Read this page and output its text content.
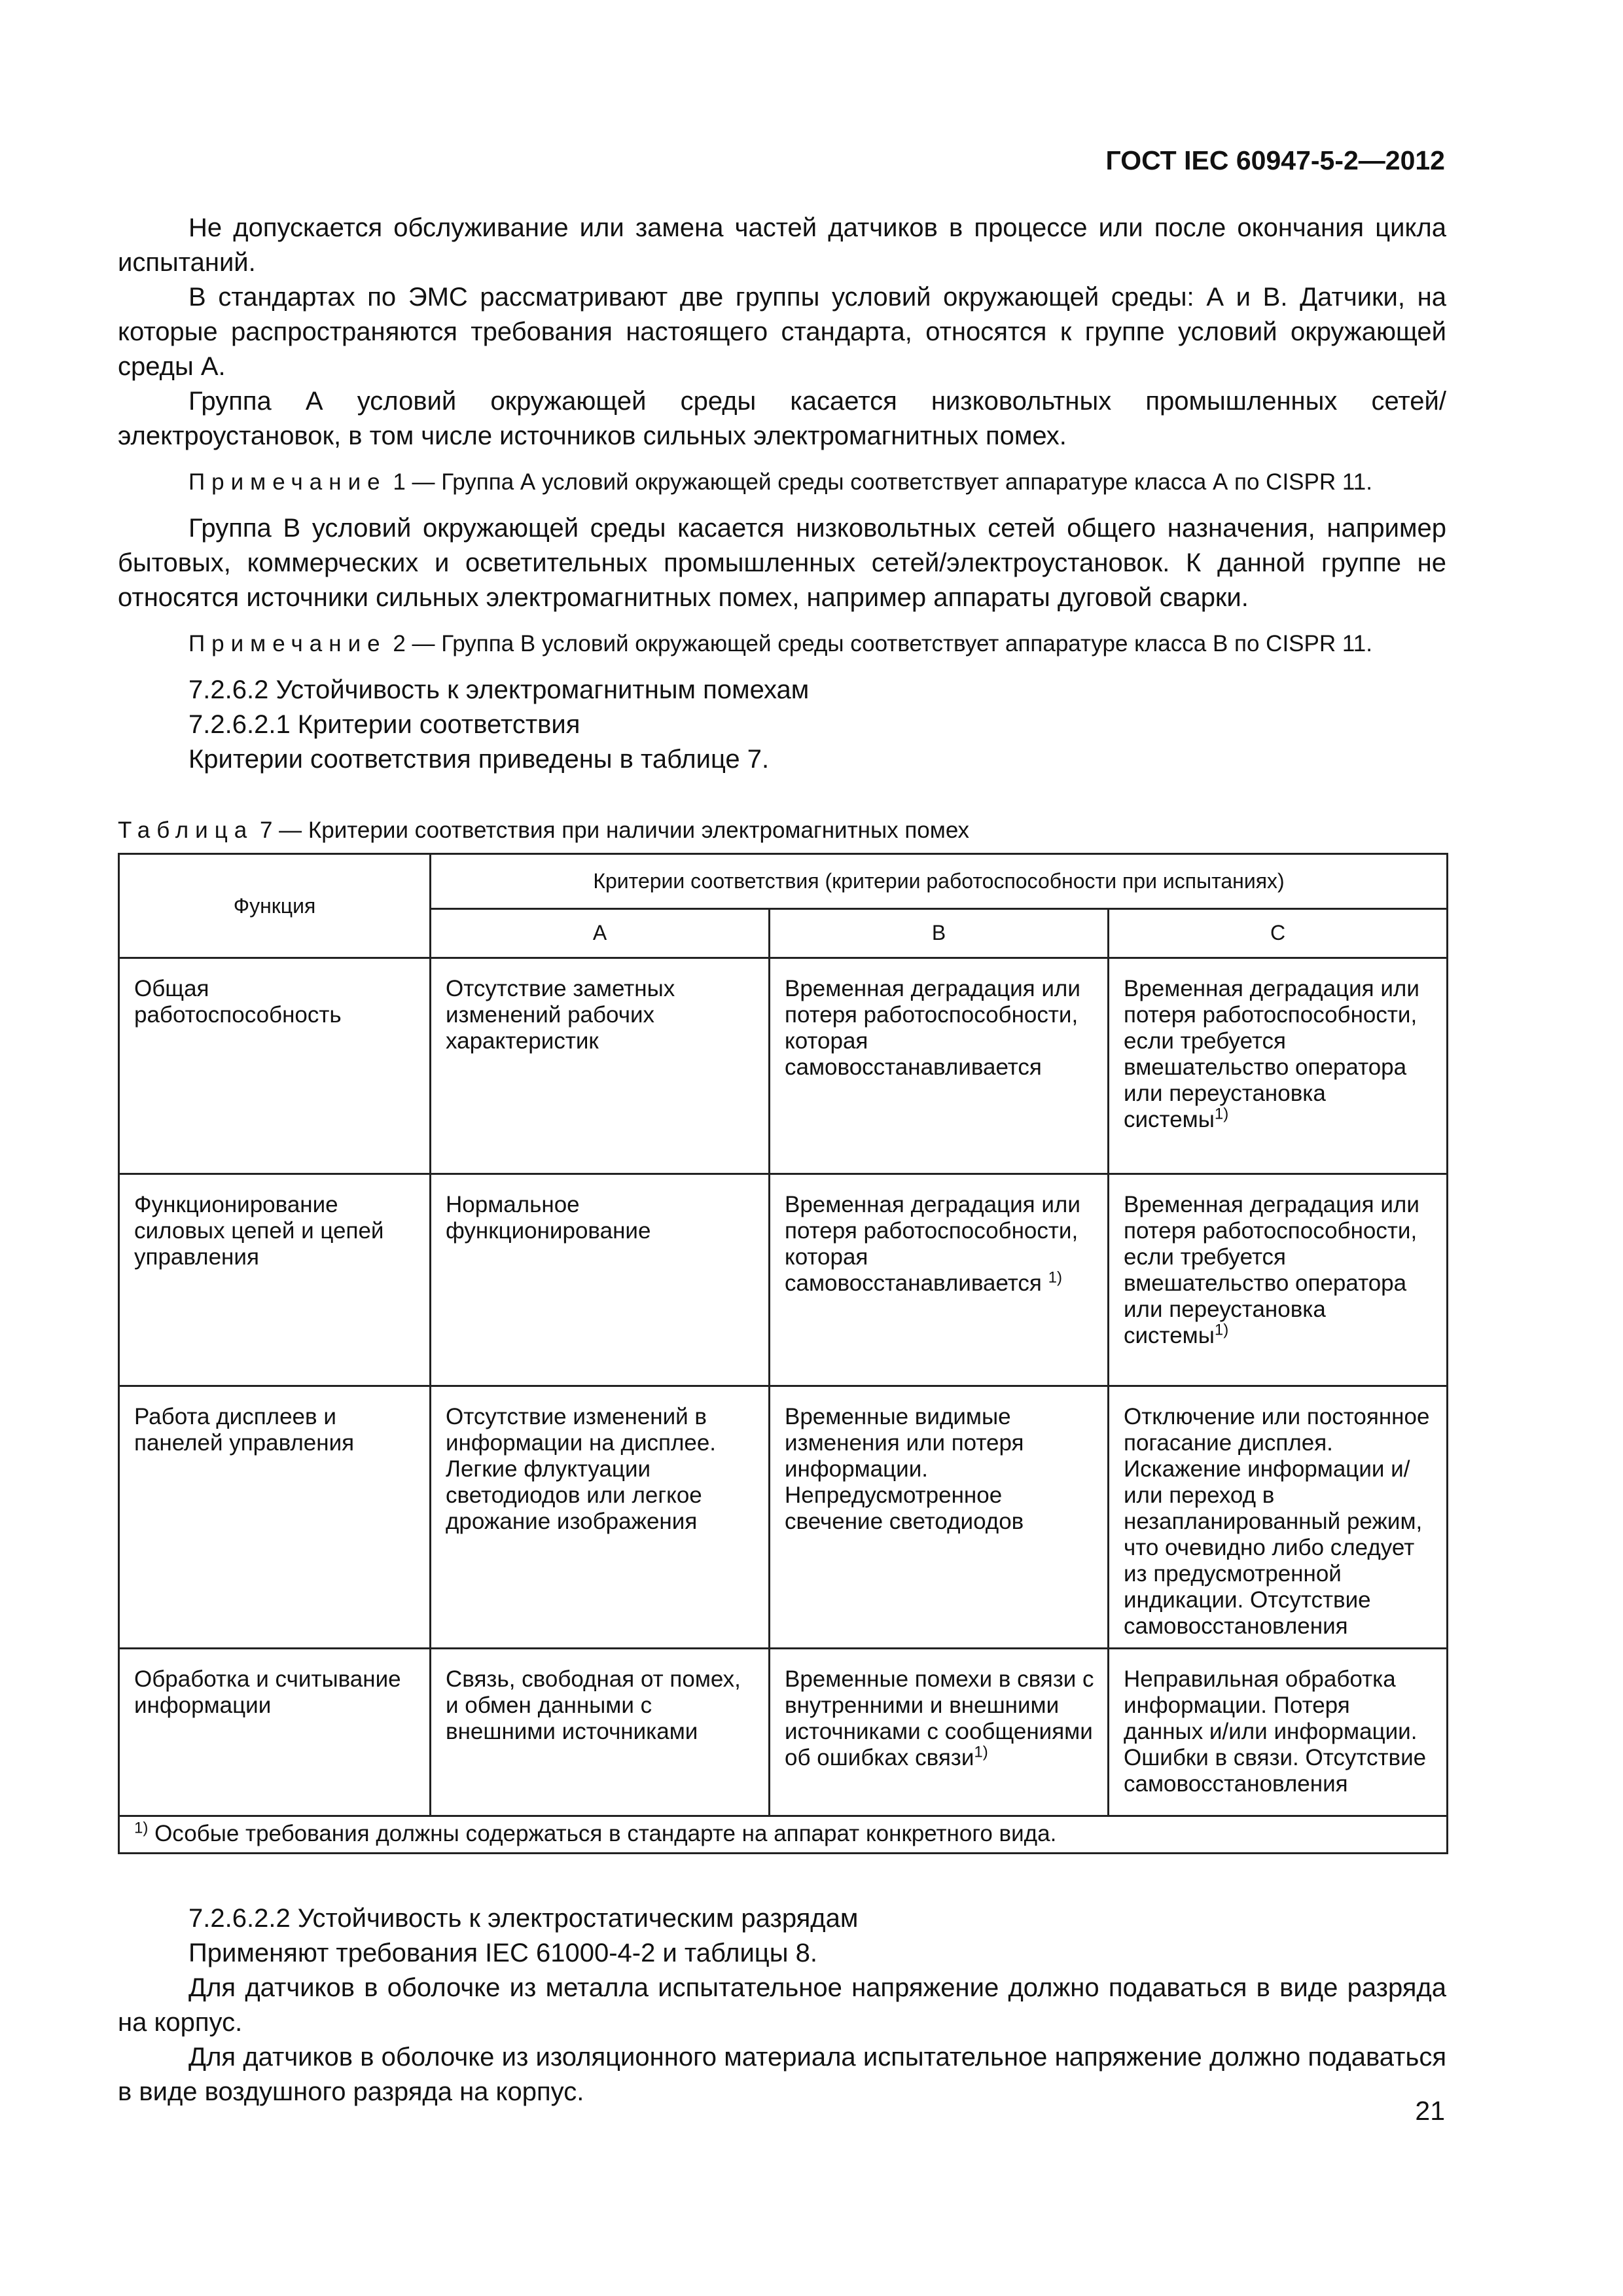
ГОСТ IEC 60947-5-2—2012

Не допускается обслуживание или замена частей датчиков в процессе или после окончания цикла испытаний.

В стандартах по ЭМС рассматривают две группы условий окружающей среды: А и В. Датчики, на которые распространяются требования настоящего стандарта, относятся к группе условий окружающей среды А.

Группа А условий окружающей среды касается низковольтных промышленных сетей/электроустановок, в том числе источников сильных электромагнитных помех.

Примечание 1 — Группа А условий окружающей среды соответствует аппаратуре класса А по CISPR 11.

Группа В условий окружающей среды касается низковольтных сетей общего назначения, например бытовых, коммерческих и осветительных промышленных сетей/электроустановок. К данной группе не относятся источники сильных электромагнитных помех, например аппараты дуговой сварки.

Примечание 2 — Группа В условий окружающей среды соответствует аппаратуре класса В по CISPR 11.

7.2.6.2 Устойчивость к электромагнитным помехам

7.2.6.2.1 Критерии соответствия

Критерии соответствия приведены в таблице 7.

Таблица 7 — Критерии соответствия при наличии электромагнитных помех
Функция	Критерии соответствия (критерии работоспособности при испытаниях)		
	A	B	C
Общая работоспособность	Отсутствие заметных изменений рабочих характеристик	Временная деградация или потеря работоспособности, которая самовосстанавливается	Временная деградация или потеря работоспособности, если требуется вмешательство оператора или переустановка системы$^{1)}$
Функционирование силовых цепей и цепей управления	Нормальное функционирование	Временная деградация или потеря работоспособности, которая самовосстанавливается $^{1)}$	Временная деградация или потеря работоспособности, если требуется вмешательство оператора или переустановка системы$^{1)}$
Работа дисплеев и панелей управления	Отсутствие изменений в информации на дисплее. Легкие флуктуации светодиодов или легкое дрожание изображения	Временные видимые изменения или потеря информации. Непредусмотренное свечение светодиодов	Отключение или постоянное погасание дисплея. Искажение информации и/или переход в незапланированный режим, что очевидно либо следует из предусмотренной индикации. Отсутствие самовосстановления
Обработка и считывание информации	Связь, свободная от помех, и обмен данными с внешними источниками	Временные помехи в связи с внутренними и внешними источниками с сообщениями об ошибках связи$^{1)}$	Неправильная обработка информации. Потеря данных и/или информации. Ошибки в связи. Отсутствие самовосстановления
$^{1)}$ Особые требования должны содержаться в стандарте на аппарат конкретного вида.			

7.2.6.2.2 Устойчивость к электростатическим разрядам

Применяют требования IEC 61000-4-2 и таблицы 8.

Для датчиков в оболочке из металла испытательное напряжение должно подаваться в виде разряда на корпус.

Для датчиков в оболочке из изоляционного материала испытательное напряжение должно подаваться в виде воздушного разряда на корпус.

21
